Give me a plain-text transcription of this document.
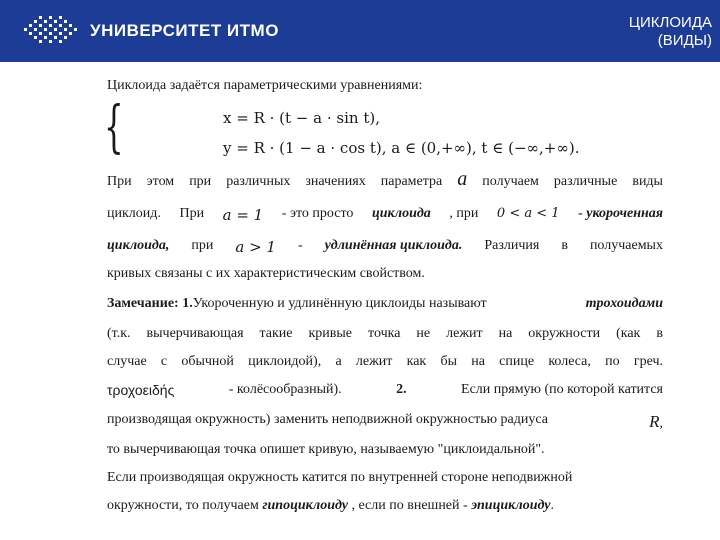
УНИВЕРСИТЕТ ИТМО	ЦИКЛОИДА
(ВИДЫ)
{
Циклоида задаётся параметрическими уравнениями:
x = R · (t − a · sin t),
y = R · (1 − a · cos t), a ∈ (0,+∞), t ∈ (−∞,+∞).
При этом при различных значениях параметра a получаем различные виды
циклоид. При a = 1 - это просто циклоида , при 0 < a < 1 - укороченная
циклоида, при a > 1 - удлинённая циклоида. Различия в получаемых
кривых связаны с их характеристическим свойством.
Замечание: 1.Укороченную и удлинённую циклоиды называют	трохоидами
(т.к. вычерчивающая такие кривые точка не лежит на окружности (как в
случае с обычной циклоидой), а лежит как бы на спице колеса, по греч.
τροχοειδής	- колёсообразный).	2.	Если прямую (по которой катится
производящая окружность) заменить неподвижной окружностью радиуса	R,
то вычерчивающая точка опишет кривую, называемую "циклоидальной".
Если производящая окружность катится по внутренней стороне неподвижной
окружности, то получаем гипоциклоиду , если по внешней - эпициклоиду.
